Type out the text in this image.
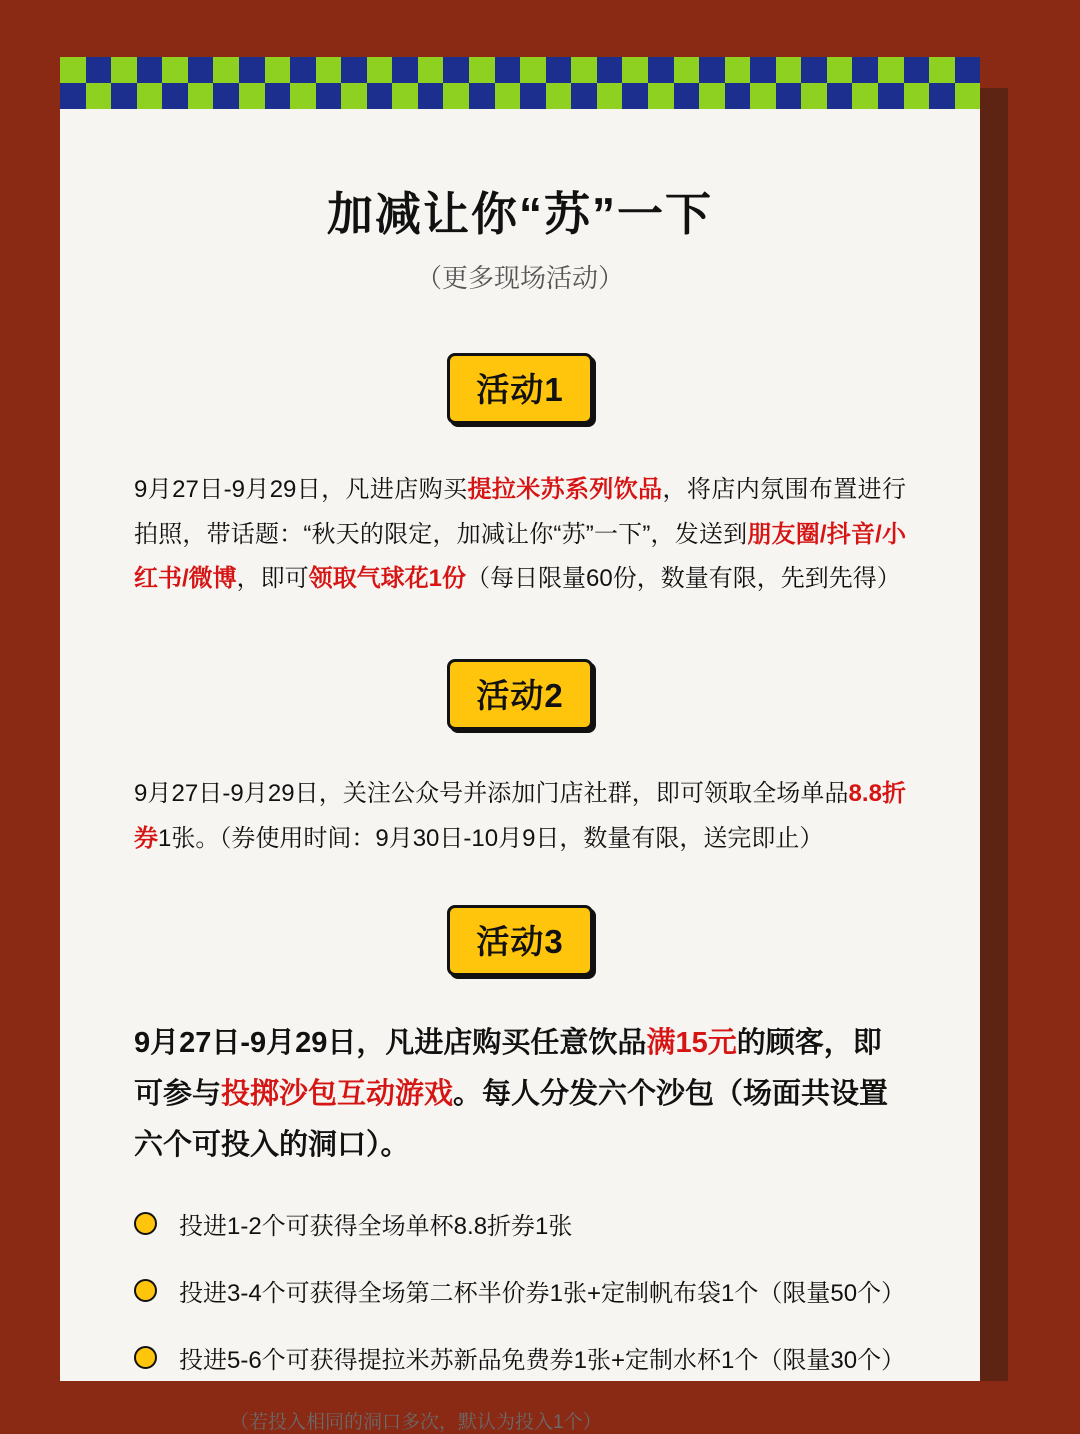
加减让你“苏”一下
（更多现场活动）
活动1
9月27日-9月29日，凡进店购买提拉米苏系列饮品，将店内氛围布置进行拍照，带话题：“秋天的限定，加减让你“苏”一下”，发送到朋友圈/抖音/小红书/微博，即可领取气球花1份（每日限量60份，数量有限，先到先得）
活动2
9月27日-9月29日，关注公众号并添加门店社群，即可领取全场单品8.8折券1张。（券使用时间：9月30日-10月9日，数量有限，送完即止）
活动3
9月27日-9月29日，凡进店购买任意饮品满15元的顾客，即可参与投掷沙包互动游戏。每人分发六个沙包（场面共设置六个可投入的洞口）。
投进1-2个可获得全场单杯8.8折券1张
投进3-4个可获得全场第二杯半价券1张+定制帆布袋1个（限量50个）
投进5-6个可获得提拉米苏新品免费券1张+定制水杯1个（限量30个）
（若投入相同的洞口多次，默认为投入1个）
